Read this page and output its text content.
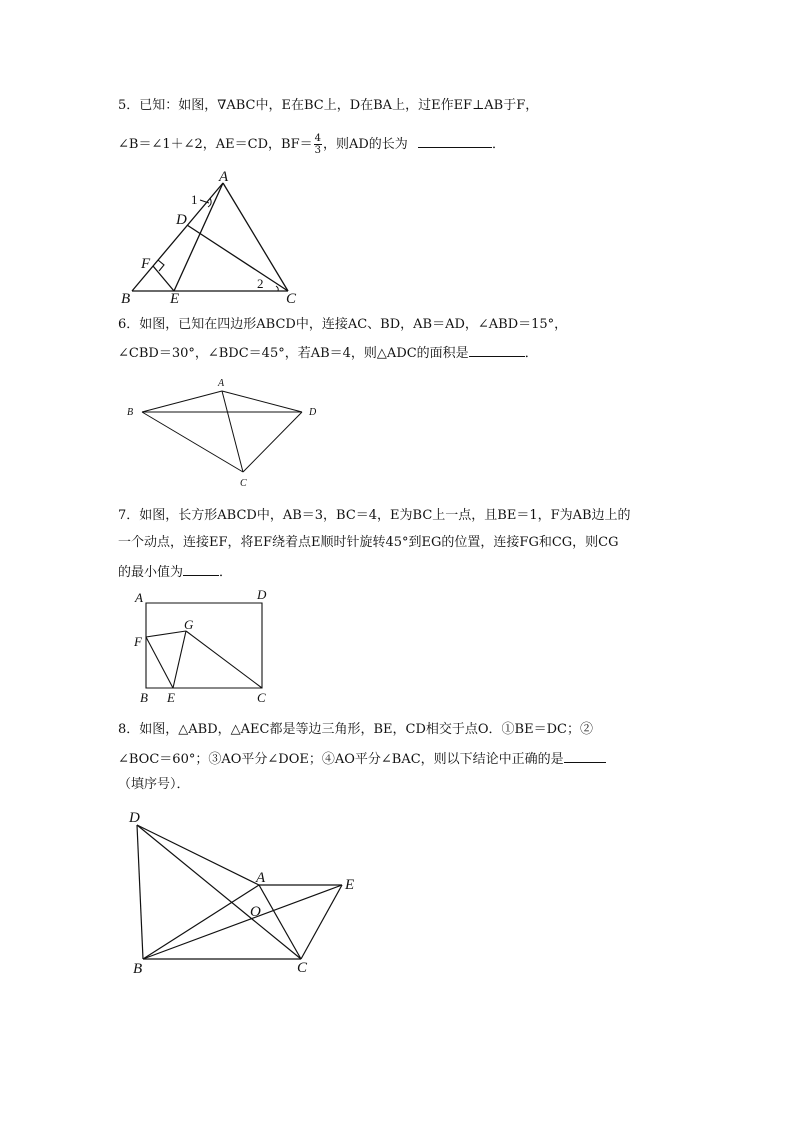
5．已知：如图，∇ABC中，E在BC上，D在BA上，过E作EF⊥AB于F，
∠B＝∠1＋∠2，AE＝CD，$BF= \frac{4}{3}$ ，则AD的长为	．
A
D
F
B	E	C
1
2
6．如图，已知在四边形ABCD中，连接AC、BD，AB＝AD，∠ABD＝15°，
∠CBD＝30°，∠BDC＝45°，若AB＝4，则△ADC的面积是	．
A
B	D
C
7．如图，长方形ABCD中，AB＝3，BC＝4，E为BC上一点，且BE＝1，F为AB边上的
一个动点，连接EF，将EF绕着点E顺时针旋转45°到EG的位置，连接FG和CG，则CG
的最小值为	．
A	D
F
G
B E	C
8．如图，△ABD，△AEC都是等边三角形，BE，CD相交于点O．①BE＝DC；②
∠BOC＝60°；③AO平分∠DOE；④AO平分∠BAC，则以下结论中正确的是
（填序号）．
D
A	E
O
B	C
